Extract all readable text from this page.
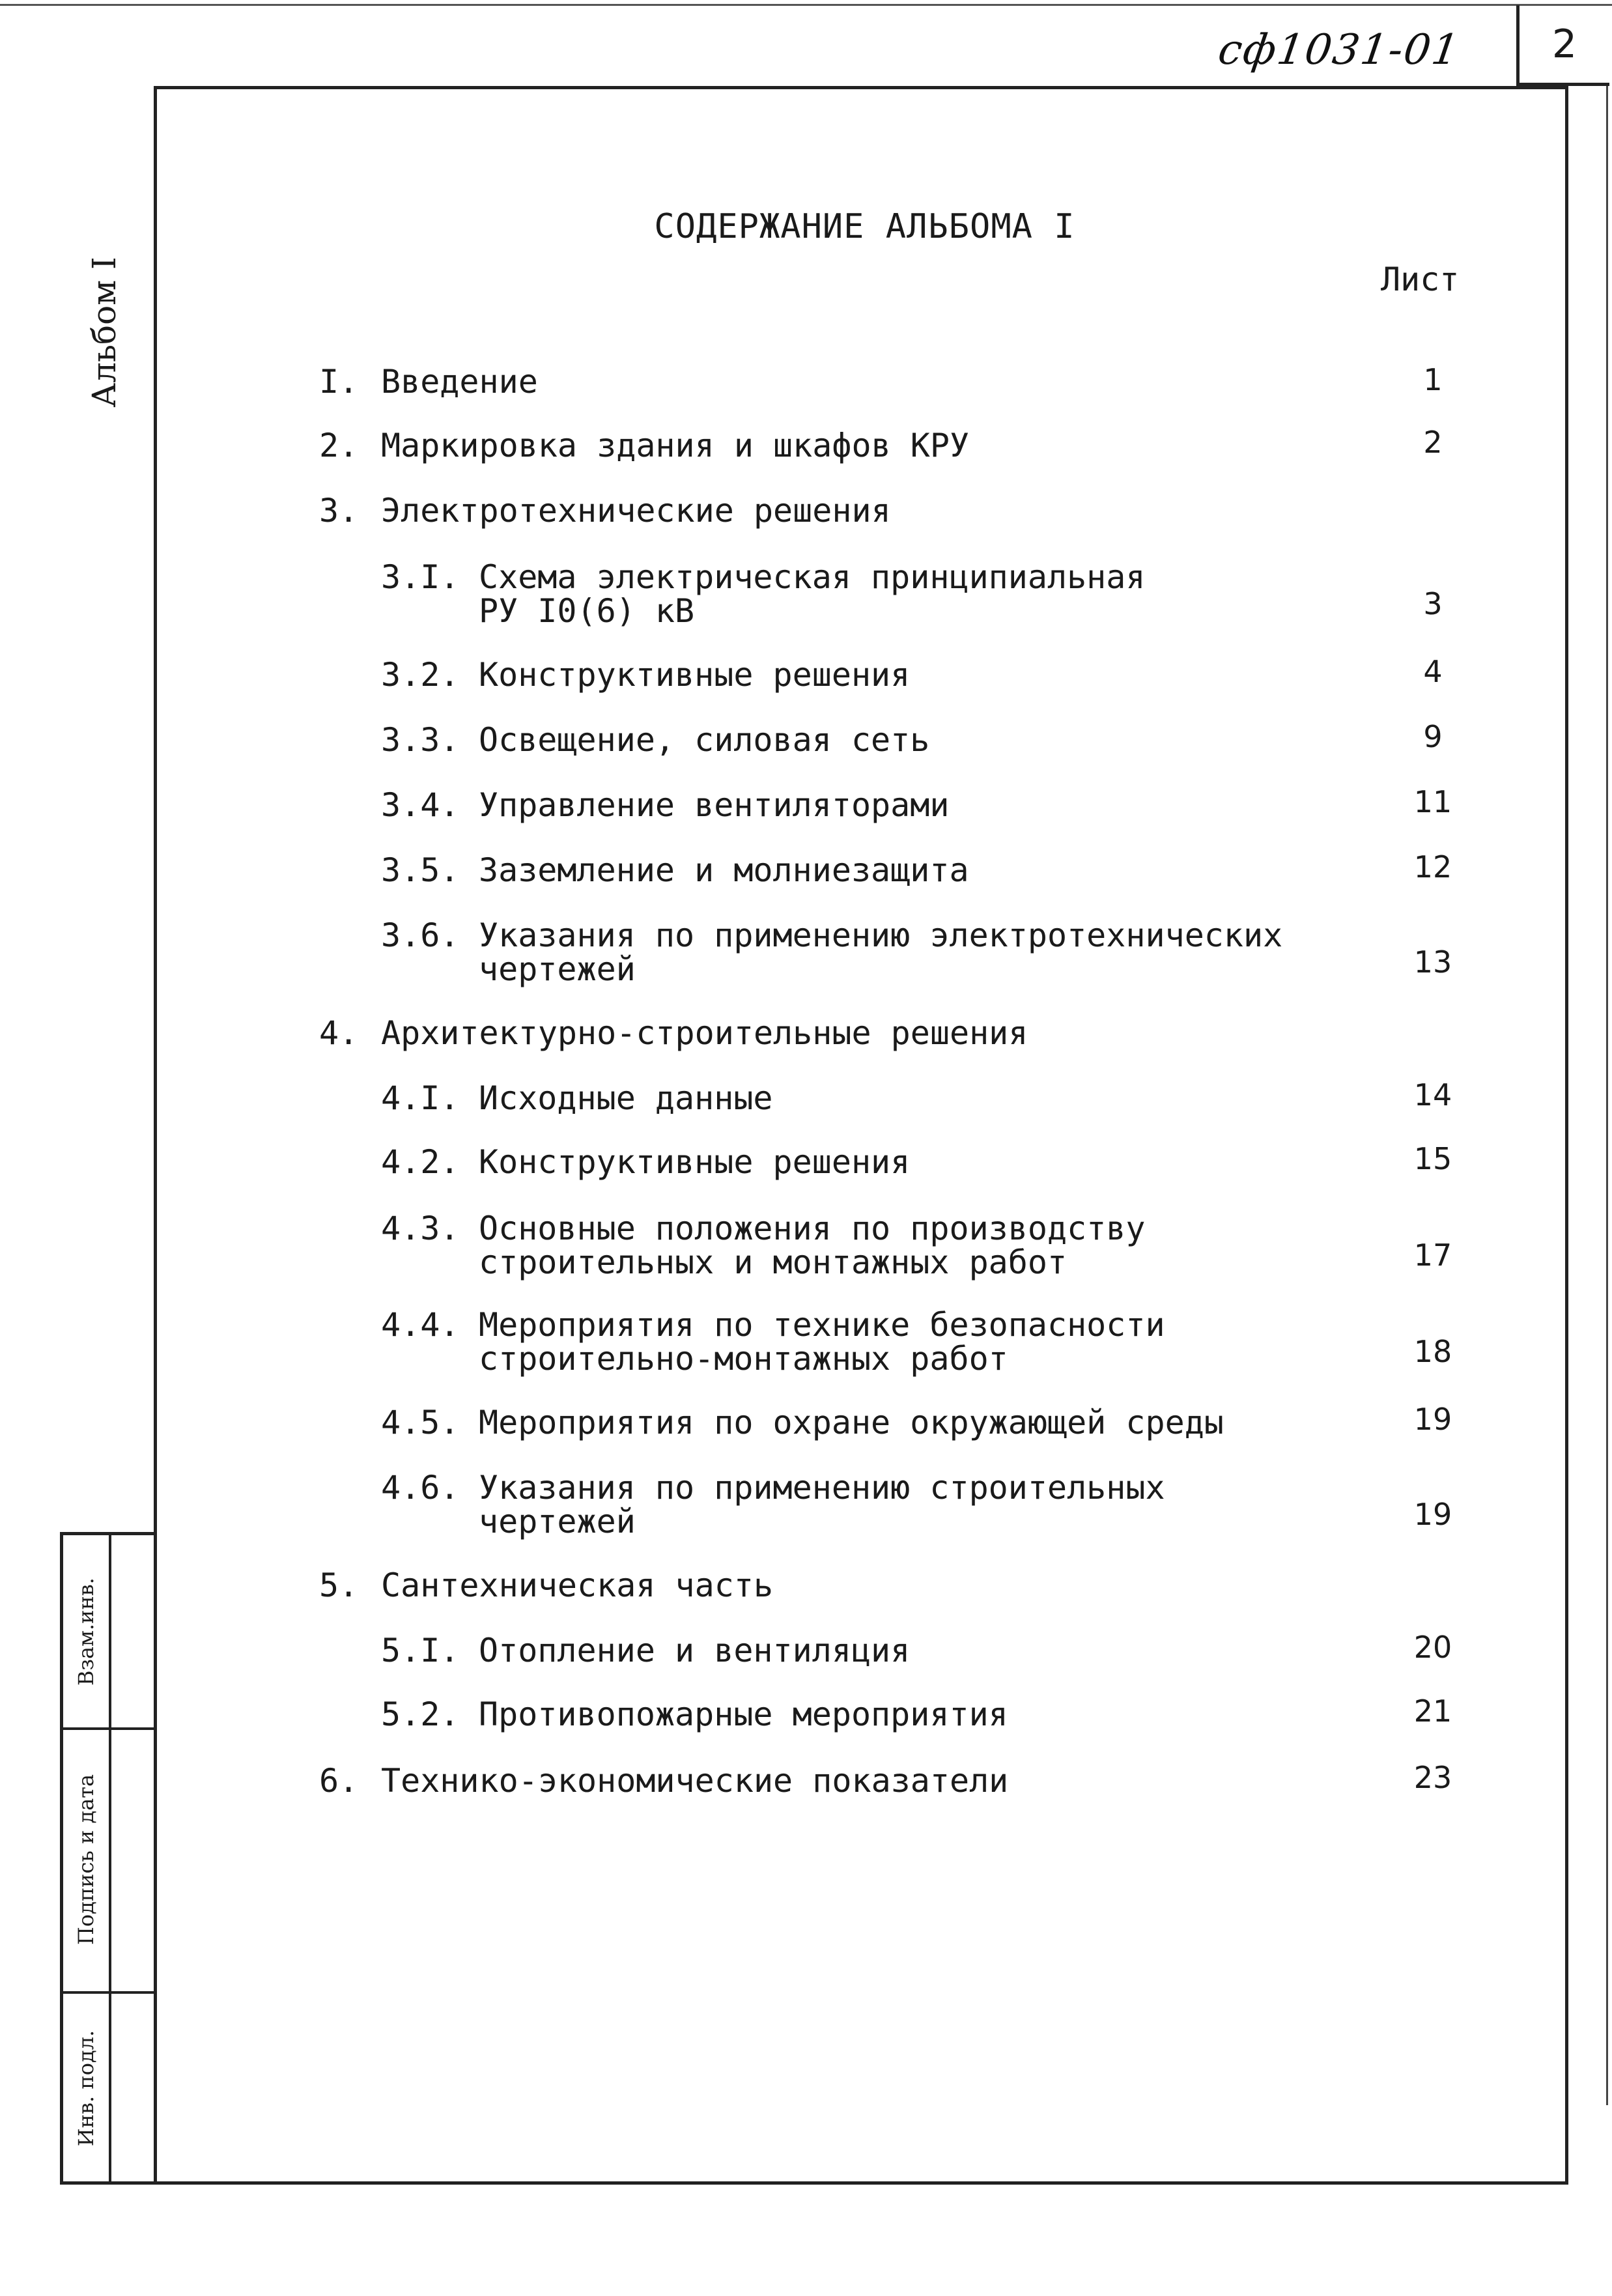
сф1031-01	2
Альбом I
Взам.инв.
Подпись и дата
Инв. подл.
СОДЕРЖАНИЕ АЛЬБОМА I
Лист
I. Введение	1
2. Маркировка здания и шкафов КРУ	2
3. Электротехнические решения
3.I. Схема электрическая принципиальная
РУ I0(6) кВ	3
3.2. Конструктивные решения	4
3.3. Освещение, силовая сеть	9
3.4. Управление вентиляторами	11
3.5. Заземление и молниезащита	12
3.6. Указания по применению электротехнических
чертежей	13
4. Архитектурно-строительные решения
4.I. Исходные данные	14
4.2. Конструктивные решения	15
4.3. Основные положения по производству
строительных и монтажных работ	17
4.4. Мероприятия по технике безопасности
строительно-монтажных работ	18
4.5. Мероприятия по охране окружающей среды	19
4.6. Указания по применению строительных
чертежей	19
5. Сантехническая часть
5.I. Отопление и вентиляция	20
5.2. Противопожарные мероприятия	21
6. Технико-экономические показатели	23
